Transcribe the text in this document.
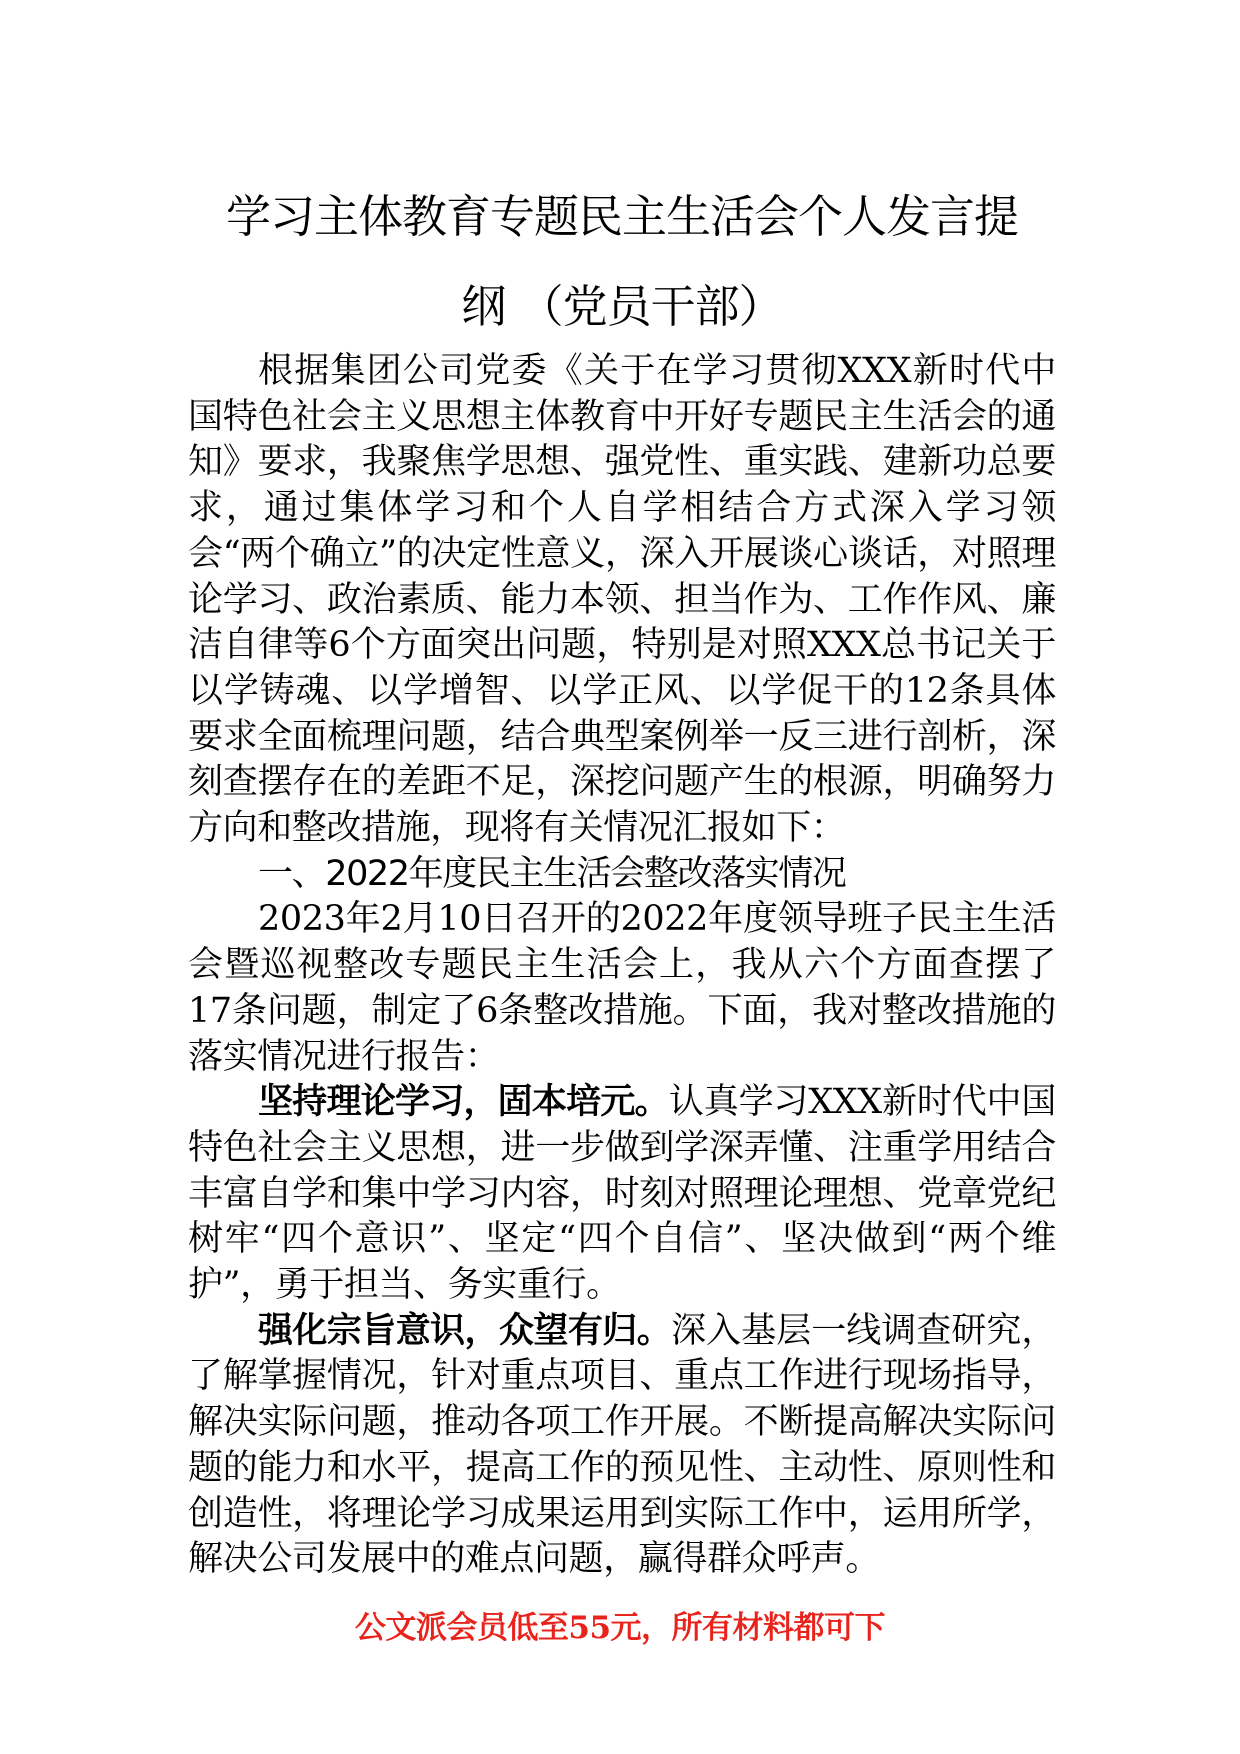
学习主体教育专题民主生活会个人发言提
纲 （党员干部）

根据集团公司党委《关于在学习贯彻XXX新时代中国特色社会主义思想主体教育中开好专题民主生活会的通知》要求，我聚焦学思想、强党性、重实践、建新功总要求，通过集体学习和个人自学相结合方式深入学习领会“两个确立”的决定性意义，深入开展谈心谈话，对照理论学习、政治素质、能力本领、担当作为、工作作风、廉洁自律等6个方面突出问题，特别是对照XXX总书记关于以学铸魂、以学增智、以学正风、以学促干的12条具体要求全面梳理问题，结合典型案例举一反三进行剖析，深刻查摆存在的差距不足，深挖问题产生的根源，明确努力方向和整改措施，现将有关情况汇报如下：

一、2022年度民主生活会整改落实情况

2023年2月10日召开的2022年度领导班子民主生活会暨巡视整改专题民主生活会上，我从六个方面查摆了17条问题，制定了6条整改措施。下面，我对整改措施的落实情况进行报告：

坚持理论学习，固本培元。认真学习XXX新时代中国特色社会主义思想，进一步做到学深弄懂、注重学用结合丰富自学和集中学习内容，时刻对照理论理想、党章党纪树牢“四个意识”、坚定“四个自信”、坚决做到“两个维护”，勇于担当、务实重行。

强化宗旨意识，众望有归。深入基层一线调查研究，了解掌握情况，针对重点项目、重点工作进行现场指导，解决实际问题，推动各项工作开展。不断提高解决实际问题的能力和水平，提高工作的预见性、主动性、原则性和创造性，将理论学习成果运用到实际工作中，运用所学，解决公司发展中的难点问题，赢得群众呼声。

公文派会员低至55元，所有材料都可下
